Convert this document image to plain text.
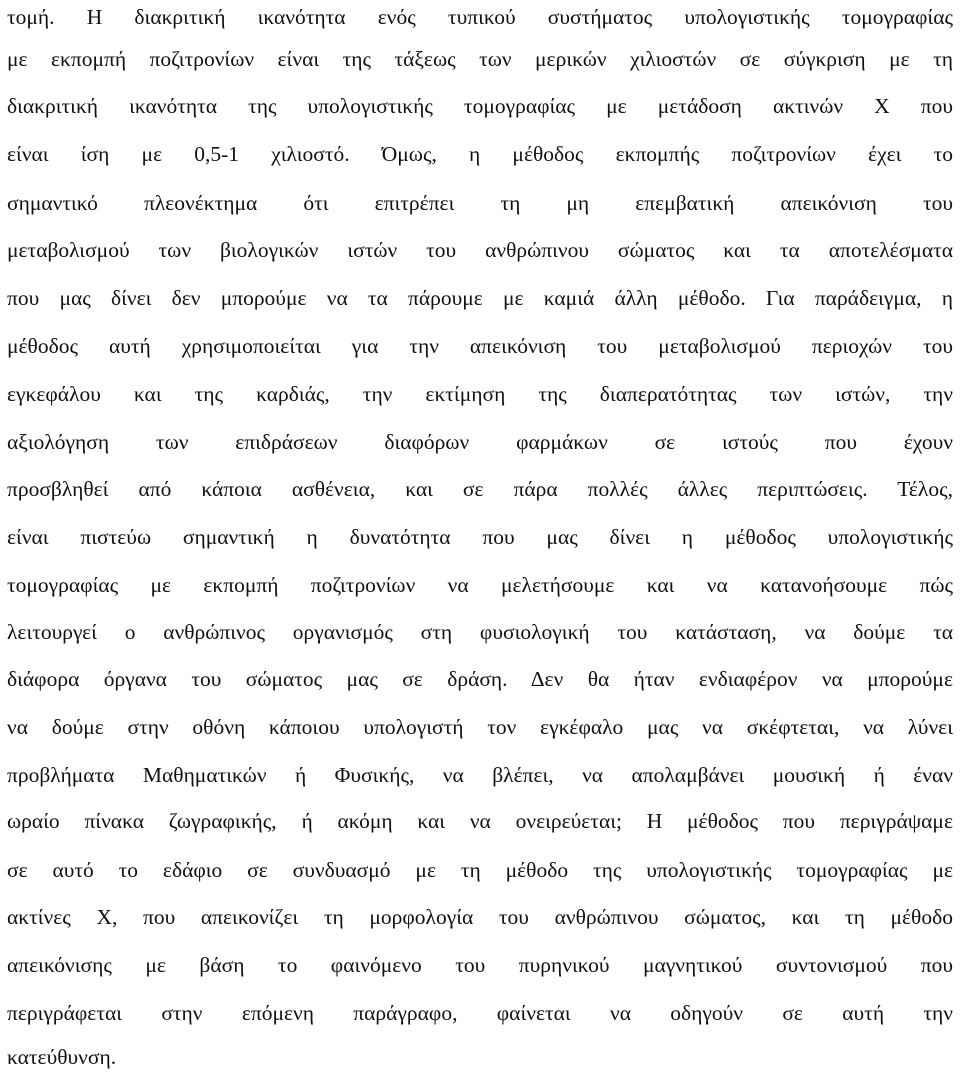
τομή. Η διακριτική ικανότητα ενός τυπικού συστήματος υπολογιστικής τομογραφίας
με εκπομπή ποζιτρονίων είναι της τάξεως των μερικών χιλιοστών σε σύγκριση με τη
διακριτική ικανότητα της υπολογιστικής τομογραφίας με μετάδοση ακτινών Χ που
είναι ίση με 0,5-1 χιλιοστό. Όμως, η μέθοδος εκπομπής ποζιτρονίων έχει το
σημαντικό πλεονέκτημα ότι επιτρέπει τη μη επεμβατική απεικόνιση του
μεταβολισμού των βιολογικών ιστών του ανθρώπινου σώματος και τα αποτελέσματα
που μας δίνει δεν μπορούμε να τα πάρουμε με καμιά άλλη μέθοδο. Για παράδειγμα, η
μέθοδος αυτή χρησιμοποιείται για την απεικόνιση του μεταβολισμού περιοχών του
εγκεφάλου και της καρδιάς, την εκτίμηση της διαπερατότητας των ιστών, την
αξιολόγηση των επιδράσεων διαφόρων φαρμάκων σε ιστούς που έχουν
προσβληθεί από κάποια ασθένεια, και σε πάρα πολλές άλλες περιπτώσεις. Τέλος,
είναι πιστεύω σημαντική η δυνατότητα που μας δίνει η μέθοδος υπολογιστικής
τομογραφίας με εκπομπή ποζιτρονίων να μελετήσουμε και να κατανοήσουμε πώς
λειτουργεί ο ανθρώπινος οργανισμός στη φυσιολογική του κατάσταση, να δούμε τα
διάφορα όργανα του σώματος μας σε δράση. Δεν θα ήταν ενδιαφέρον να μπορούμε
να δούμε στην οθόνη κάποιου υπολογιστή τον εγκέφαλο μας να σκέφτεται, να λύνει
προβλήματα Μαθηματικών ή Φυσικής, να βλέπει, να απολαμβάνει μουσική ή έναν
ωραίο πίνακα ζωγραφικής, ή ακόμη και να ονειρεύεται; Η μέθοδος που περιγράψαμε
σε αυτό το εδάφιο σε συνδυασμό με τη μέθοδο της υπολογιστικής τομογραφίας με
ακτίνες Χ, που απεικονίζει τη μορφολογία του ανθρώπινου σώματος, και τη μέθοδο
απεικόνισης με βάση το φαινόμενο του πυρηνικού μαγνητικού συντονισμού που
περιγράφεται στην επόμενη παράγραφο, φαίνεται να οδηγούν σε αυτή την
κατεύθυνση.
